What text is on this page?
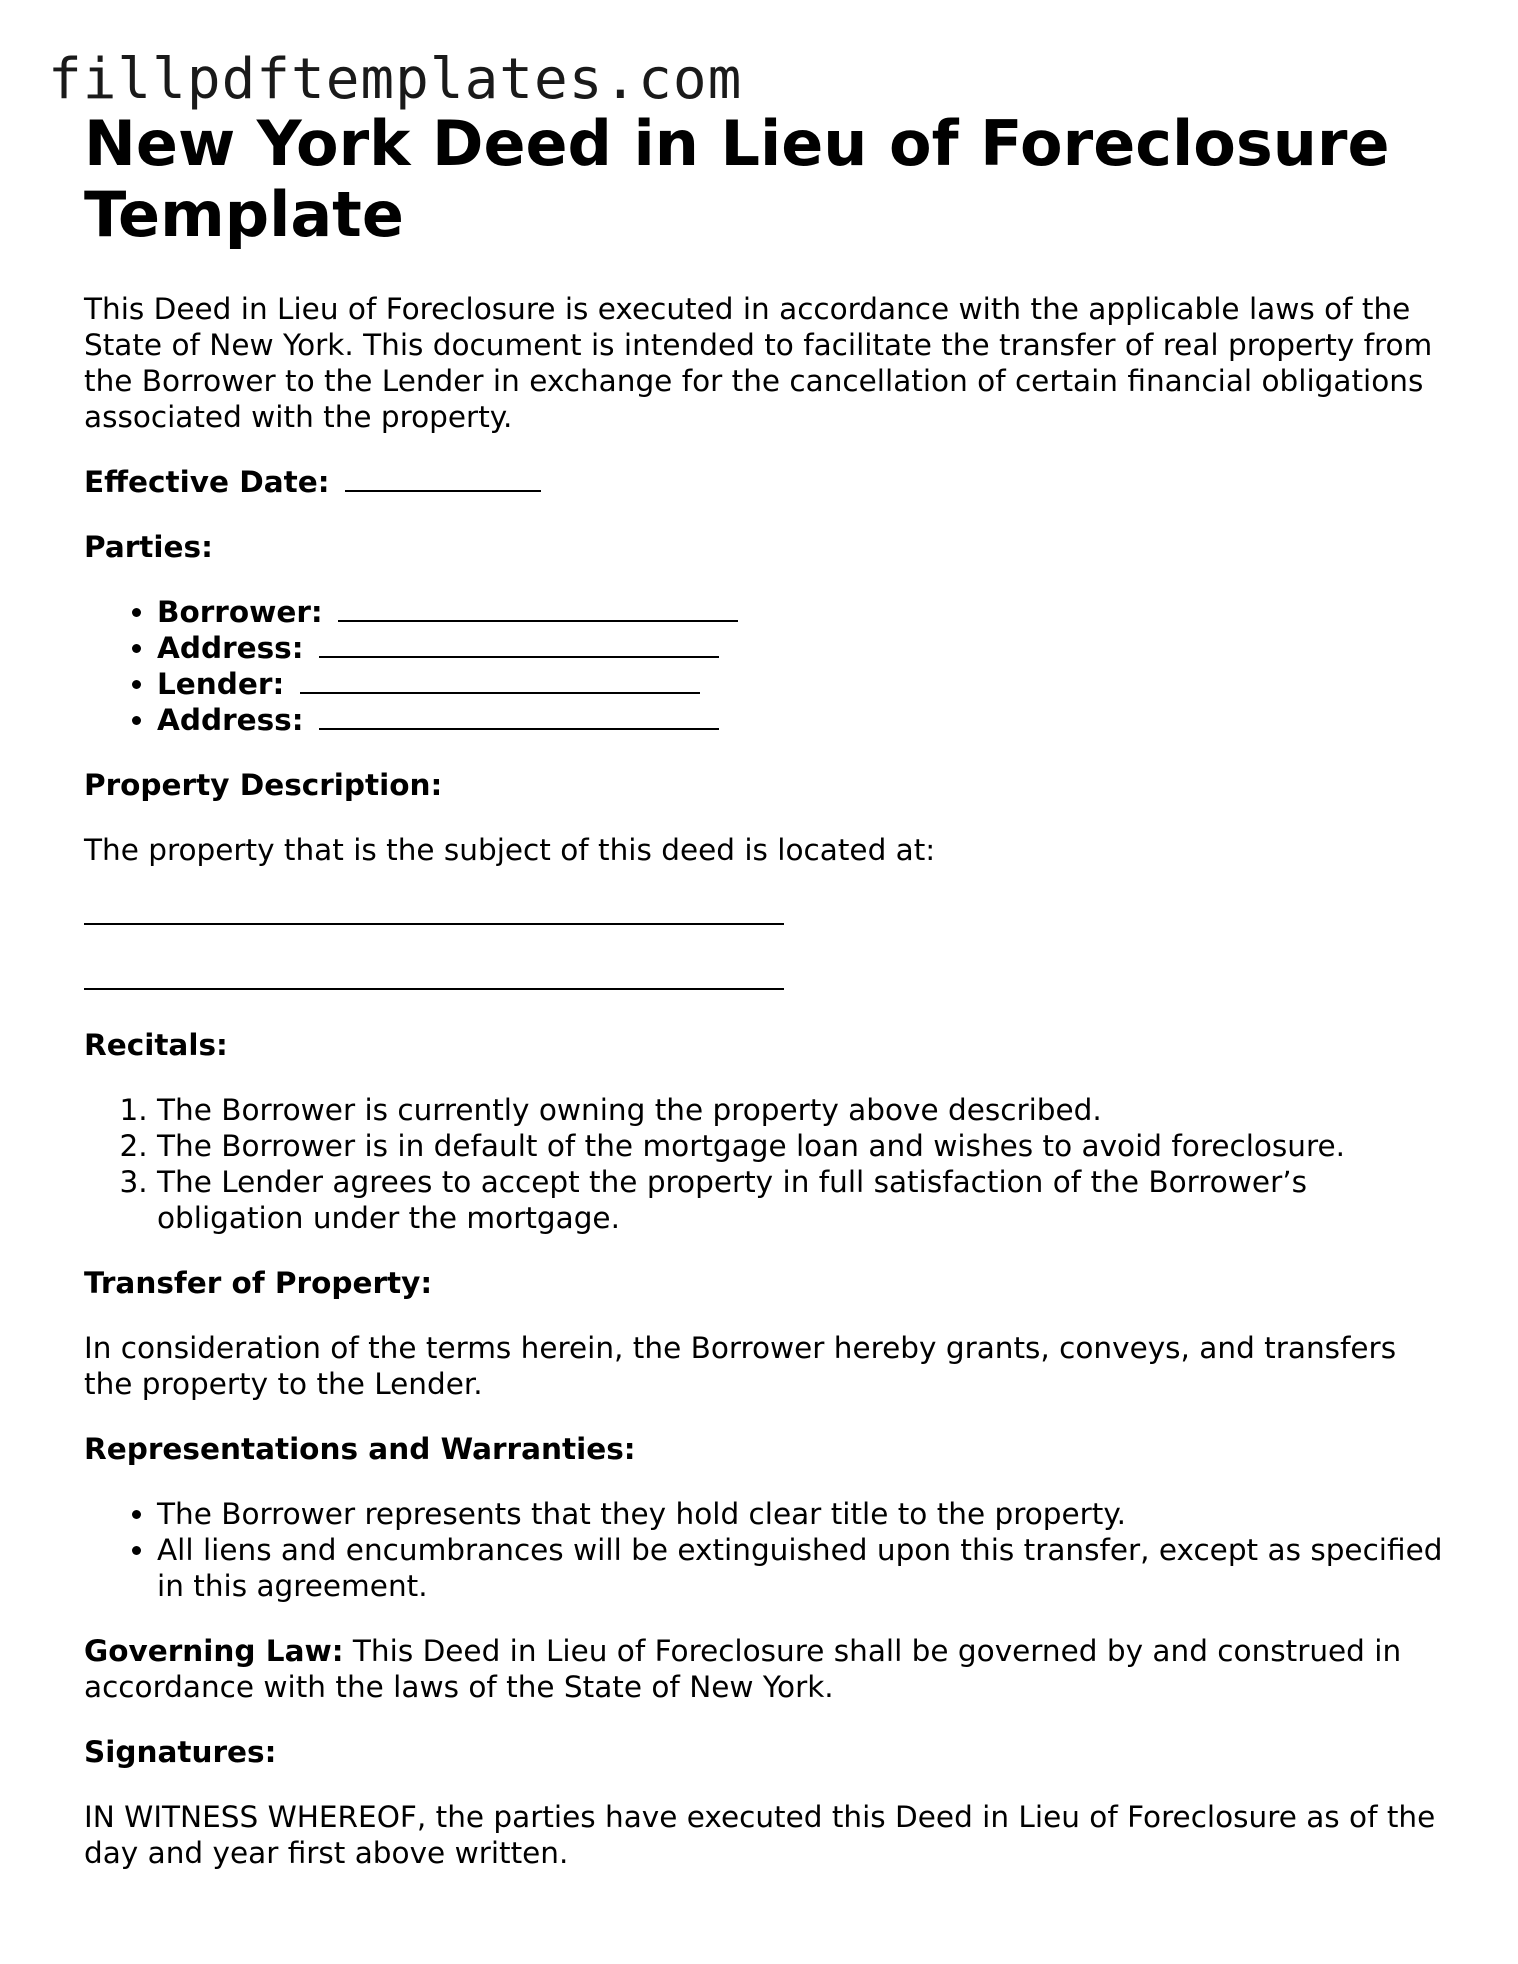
fillpdftemplates.com
New York Deed in Lieu of Foreclosure Template

This Deed in Lieu of Foreclosure is executed in accordance with the applicable laws of the State of New York. This document is intended to facilitate the transfer of real property from the Borrower to the Lender in exchange for the cancellation of certain financial obligations associated with the property.

Effective Date:

Parties:

• Borrower:
• Address:
• Lender:
• Address:

Property Description:

The property that is the subject of this deed is located at:

Recitals:

1. The Borrower is currently owning the property above described.
2. The Borrower is in default of the mortgage loan and wishes to avoid foreclosure.
3. The Lender agrees to accept the property in full satisfaction of the Borrower’s obligation under the mortgage.

Transfer of Property:

In consideration of the terms herein, the Borrower hereby grants, conveys, and transfers the property to the Lender.

Representations and Warranties:

• The Borrower represents that they hold clear title to the property.
• All liens and encumbrances will be extinguished upon this transfer, except as specified in this agreement.

Governing Law: This Deed in Lieu of Foreclosure shall be governed by and construed in accordance with the laws of the State of New York.

Signatures:

IN WITNESS WHEREOF, the parties have executed this Deed in Lieu of Foreclosure as of the day and year first above written.
